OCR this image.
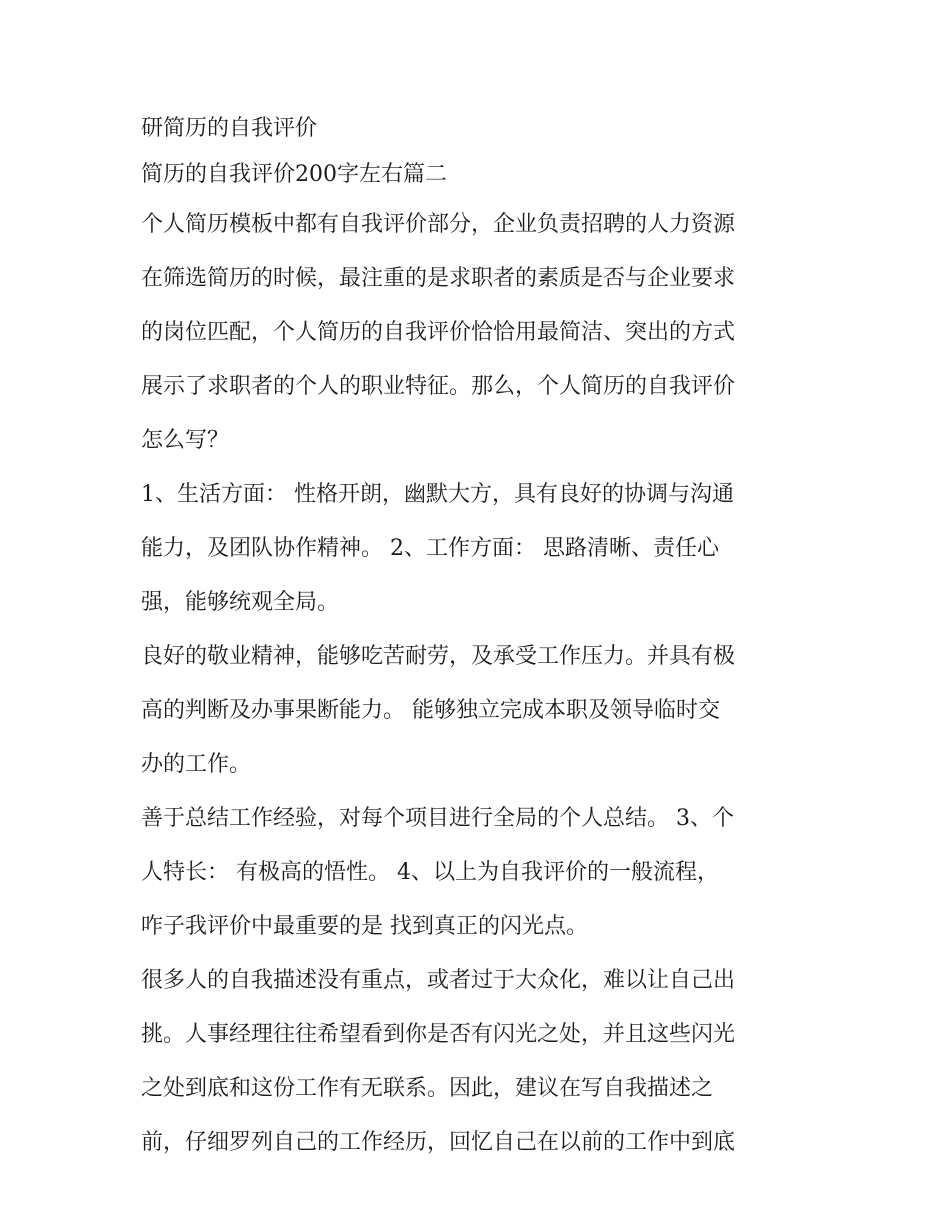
研简历的自我评价
简历的自我评价200字左右篇二
个人简历模板中都有自我评价部分，企业负责招聘的人力资源
在筛选简历的时候，最注重的是求职者的素质是否与企业要求
的岗位匹配，个人简历的自我评价恰恰用最简洁、突出的方式
展示了求职者的个人的职业特征。那么，个人简历的自我评价
怎么写？
1、生活方面： 性格开朗，幽默大方，具有良好的协调与沟通
能力，及团队协作精神。 2、工作方面： 思路清晰、责任心
强，能够统观全局。
良好的敬业精神，能够吃苦耐劳，及承受工作压力。并具有极
高的判断及办事果断能力。 能够独立完成本职及领导临时交
办的工作。
善于总结工作经验，对每个项目进行全局的个人总结。 3、个
人特长： 有极高的悟性。 4、以上为自我评价的一般流程，
咋子我评价中最重要的是 找到真正的闪光点。
很多人的自我描述没有重点，或者过于大众化，难以让自己出
挑。人事经理往往希望看到你是否有闪光之处，并且这些闪光
之处到底和这份工作有无联系。因此，建议在写自我描述之
前，仔细罗列自己的工作经历，回忆自己在以前的工作中到底
